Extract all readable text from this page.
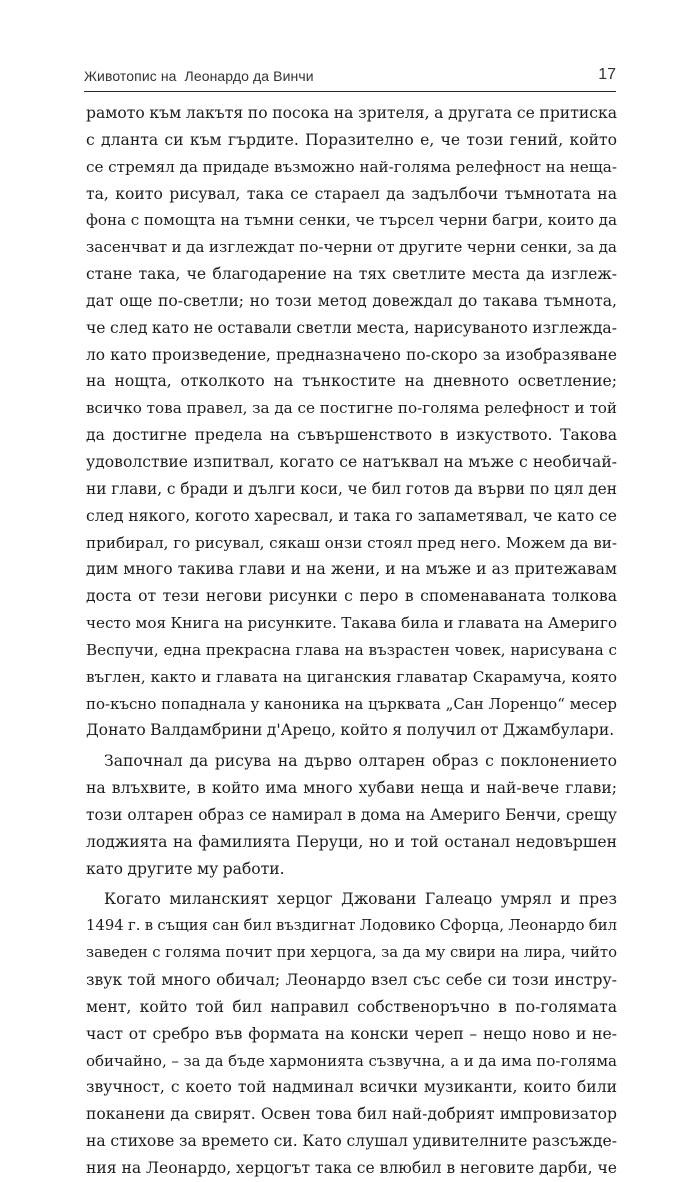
Животопис на  Леонардо да Винчи	17
рамото към лакътя по посока на зрителя, а другата се притиска
с дланта си към гърдите. Поразително е, че този гений, който
се стремял да придаде възможно най-голяма релефност на неща-
та, които рисувал, така се стараел да задълбочи тъмнотата на
фона с помощта на тъмни сенки, че търсел черни багри, които да
засенчват и да изглеждат по-черни от другите черни сенки, за да
стане така, че благодарение на тях светлите места да изглеж-
дат още по-светли; но този метод довеждал до такава тъмнота,
че след като не оставали светли места, нарисуваното изглежда-
ло като произведение, предназначено по-скоро за изобразяване
на нощта, отколкото на тънкостите на дневното осветление;
всичко това правел, за да се постигне по-голяма релефност и той
да достигне предела на съвършенството в изкуството. Такова
удоволствие изпитвал, когато се натъквал на мъже с необичай-
ни глави, с бради и дълги коси, че бил готов да върви по цял ден
след някого, когото харесвал, и така го запаметявал, че като се
прибирал, го рисувал, сякаш онзи стоял пред него. Можем да ви-
дим много такива глави и на жени, и на мъже и аз притежавам
доста от тези негови рисунки с перо в споменаваната толкова
често моя Книга на рисунките. Такава била и главата на Америго
Веспучи, една прекрасна глава на възрастен човек, нарисувана с
въглен, както и главата на циганския главатар Скарамуча, която
по-късно попаднала у каноника на църквата „Сан Лоренцо“ месер
Донато Валдамбрини д'Арецо, който я получил от Джамбулари.
Започнал да рисува на дърво олтарен образ с поклонението
на влъхвите, в който има много хубави неща и най-вече глави;
този олтарен образ се намирал в дома на Америго Бенчи, срещу
лоджията на фамилията Перуци, но и той останал недовършен
като другите му работи.
Когато миланският херцог Джовани Галеацо умрял и през
1494 г. в същия сан бил въздигнат Лодовико Сфорца, Леонардо бил
заведен с голяма почит при херцога, за да му свири на лира, чийто
звук той много обичал; Леонардо взел със себе си този инстру-
мент, който той бил направил собственоръчно в по-голямата
част от сребро във формата на конски череп – нещо ново и не-
обичайно, – за да бъде хармонията съзвучна, а и да има по-голяма
звучност, с което той надминал всички музиканти, които били
поканени да свирят. Освен това бил най-добрият импровизатор
на стихове за времето си. Като слушал удивителните разсъжде-
ния на Леонардо, херцогът така се влюбил в неговите дарби, че
